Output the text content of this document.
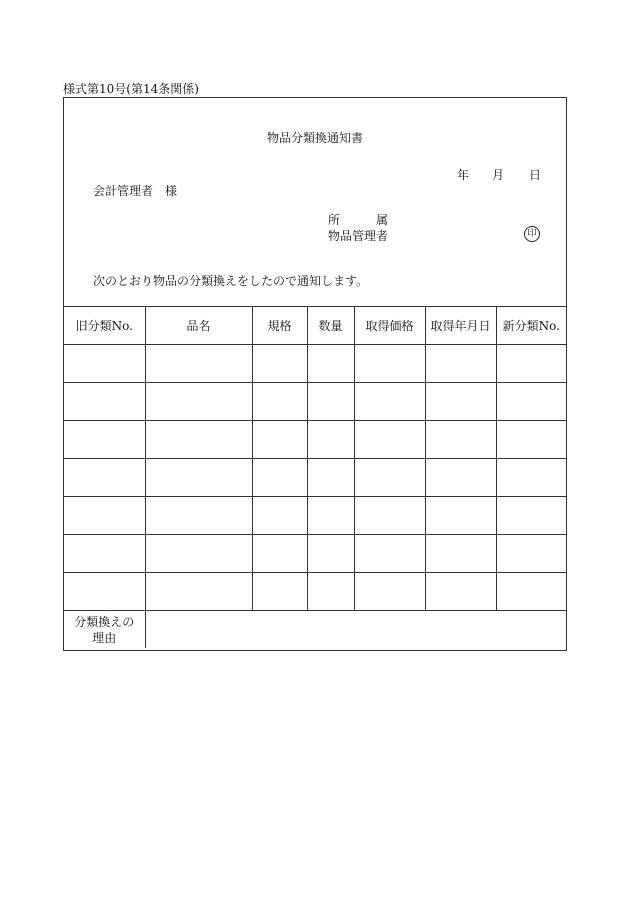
様式第10号(第14条関係)
物品分類換通知書
年 月 日
会計管理者　様
所　　　属
物品管理者	印
次のとおり物品の分類換えをしたので通知します。
旧分類No.	品名	規格	数量	取得価格	取得年月日	新分類No.

分類換えの
理由						
